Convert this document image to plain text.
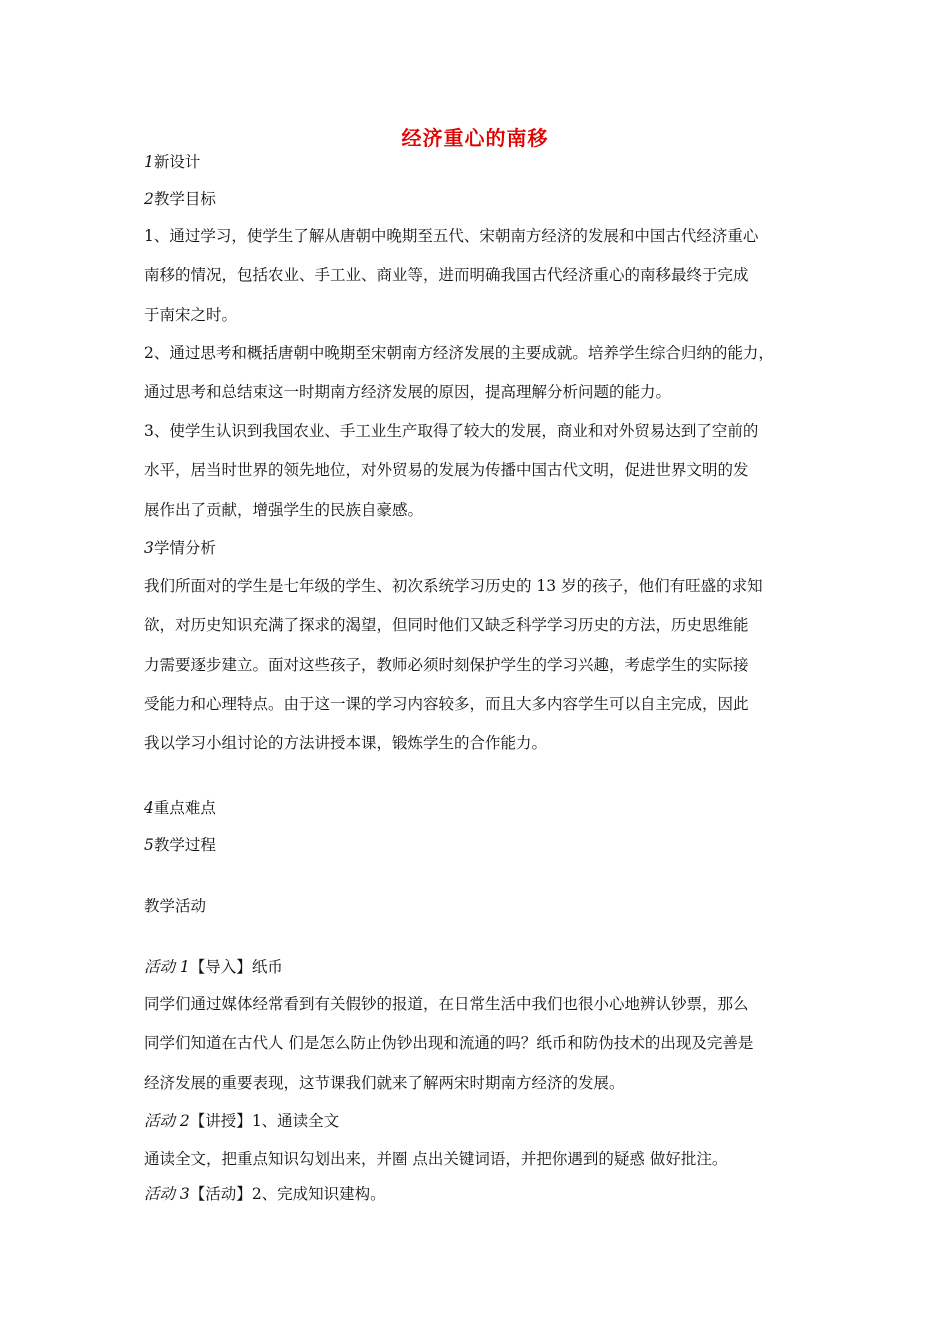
经济重心的南移
1新设计
2教学目标
1、通过学习，使学生了解从唐朝中晚期至五代、宋朝南方经济的发展和中国古代经济重心
南移的情况，包括农业、手工业、商业等，进而明确我国古代经济重心的南移最终于完成
于南宋之时。
2、通过思考和概括唐朝中晚期至宋朝南方经济发展的主要成就。培养学生综合归纳的能力，
通过思考和总结束这一时期南方经济发展的原因，提高理解分析问题的能力。
3、使学生认识到我国农业、手工业生产取得了较大的发展，商业和对外贸易达到了空前的
水平，居当时世界的领先地位，对外贸易的发展为传播中国古代文明，促进世界文明的发
展作出了贡献，增强学生的民族自豪感。
3学情分析
我们所面对的学生是七年级的学生、初次系统学习历史的 13 岁的孩子，他们有旺盛的求知
欲，对历史知识充满了探求的渴望，但同时他们又缺乏科学学习历史的方法，历史思维能
力需要逐步建立。面对这些孩子，教师必须时刻保护学生的学习兴趣，考虑学生的实际接
受能力和心理特点。由于这一课的学习内容较多，而且大多内容学生可以自主完成，因此
我以学习小组讨论的方法讲授本课，锻炼学生的合作能力。
4重点难点
5教学过程
教学活动
活动 1【导入】纸币
同学们通过媒体经常看到有关假钞的报道，在日常生活中我们也很小心地辨认钞票，那么
同学们知道在古代人 们是怎么防止伪钞出现和流通的吗？纸币和防伪技术的出现及完善是
经济发展的重要表现，这节课我们就来了解两宋时期南方经济的发展。
活动 2【讲授】1、通读全文
通读全文，把重点知识勾划出来，并圈 点出关键词语，并把你遇到的疑惑 做好批注。
活动 3【活动】2、完成知识建构。
